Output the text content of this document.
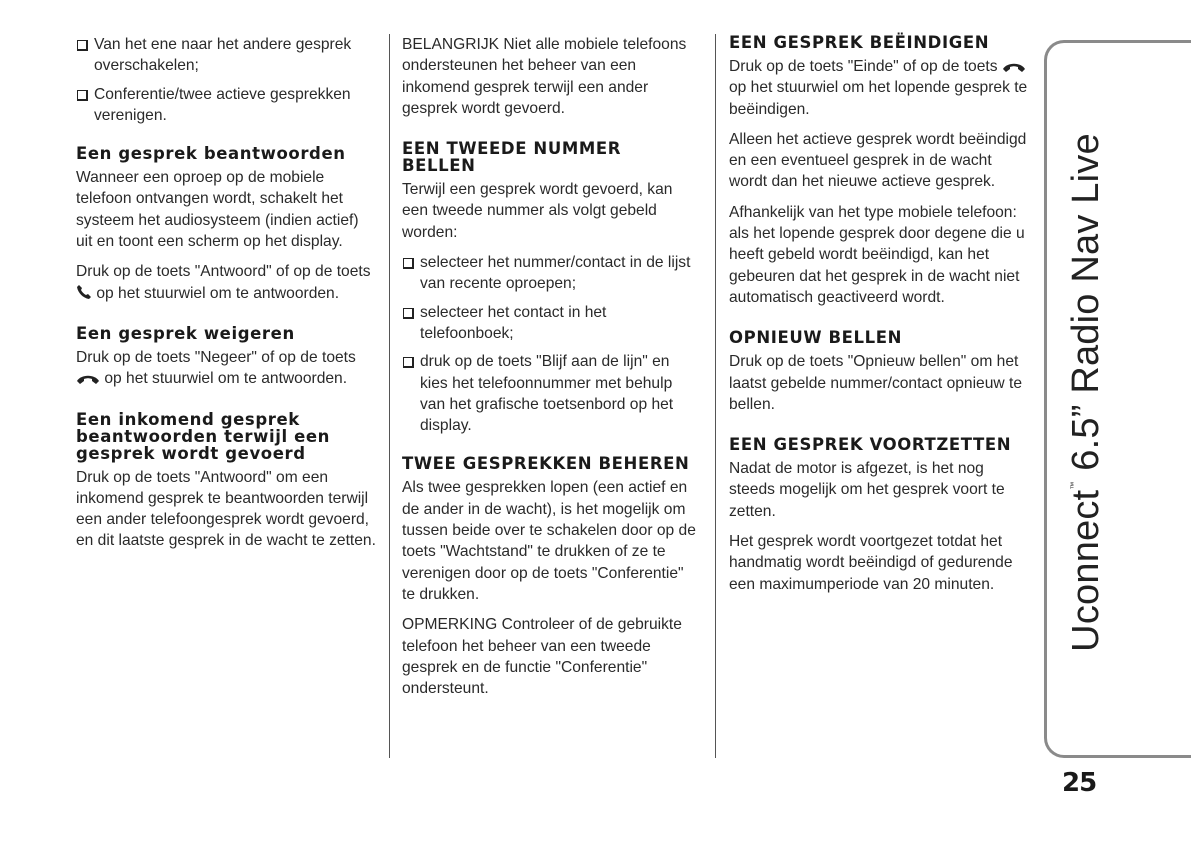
Van het ene naar het andere gesprek overschakelen;

Conferentie/twee actieve gesprekken verenigen.

Een gesprek beantwoorden

Wanneer een oproep op de mobiele telefoon ontvangen wordt, schakelt het systeem het audiosysteem (indien actief) uit en toont een scherm op het display.

Druk op de toets "Antwoord" of op de toets  op het stuurwiel om te antwoorden.

Een gesprek weigeren

Druk op de toets "Negeer" of op de toets  op het stuurwiel om te antwoorden.

Een inkomend gesprek beantwoorden terwijl een gesprek wordt gevoerd

Druk op de toets "Antwoord" om een inkomend gesprek te beantwoorden terwijl een ander telefoongesprek wordt gevoerd, en dit laatste gesprek in de wacht te zetten.

BELANGRIJK Niet alle mobiele telefoons ondersteunen het beheer van een inkomend gesprek terwijl een ander gesprek wordt gevoerd.

EEN TWEEDE NUMMER BELLEN

Terwijl een gesprek wordt gevoerd, kan een tweede nummer als volgt gebeld worden:

selecteer het nummer/contact in de lijst van recente oproepen;

selecteer het contact in het telefoonboek;

druk op de toets "Blijf aan de lijn" en kies het telefoonnummer met behulp van het grafische toetsenbord op het display.

TWEE GESPREKKEN BEHEREN

Als twee gesprekken lopen (een actief en de ander in de wacht), is het mogelijk om tussen beide over te schakelen door op de toets "Wachtstand" te drukken of ze te verenigen door op de toets "Conferentie" te drukken.

OPMERKING Controleer of de gebruikte telefoon het beheer van een tweede gesprek en de functie "Conferentie" ondersteunt.

EEN GESPREK BEËINDIGEN

Druk op de toets "Einde" of op de toets  op het stuurwiel om het lopende gesprek te beëindigen.

Alleen het actieve gesprek wordt beëindigd en een eventueel gesprek in de wacht wordt dan het nieuwe actieve gesprek.

Afhankelijk van het type mobiele telefoon: als het lopende gesprek door degene die u heeft gebeld wordt beëindigd, kan het gebeuren dat het gesprek in de wacht niet automatisch geactiveerd wordt.

OPNIEUW BELLEN

Druk op de toets "Opnieuw bellen" om het laatst gebelde nummer/contact opnieuw te bellen.

EEN GESPREK VOORTZETTEN

Nadat de motor is afgezet, is het nog steeds mogelijk om het gesprek voort te zetten.

Het gesprek wordt voortgezet totdat het handmatig wordt beëindigd of gedurende een maximumperiode van 20 minuten.	Uconnect™ 6.5” Radio Nav Live
25
